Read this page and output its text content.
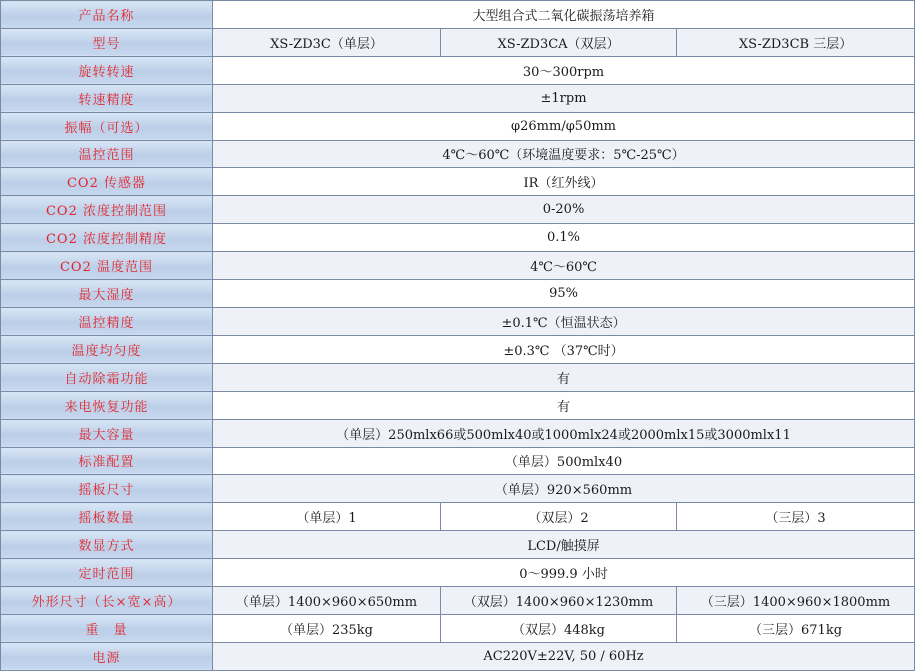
产品名称	大型组合式二氧化碳振荡培养箱		
型号	XS-ZD3C（单层）	XS-ZD3CA（双层）	XS-ZD3CB 三层）
旋转转速	30～300rpm		
转速精度	±1rpm		
振幅（可选）	φ26mm/φ50mm		
温控范围	4℃～60℃（环境温度要求：5℃-25℃）		
CO2 传感器	IR（红外线）		
CO2 浓度控制范围	0-20%		
CO2 浓度控制精度	0.1%		
CO2 温度范围	4℃～60℃		
最大湿度	95%		
温控精度	±0.1℃（恒温状态）		
温度均匀度	±0.3℃ （37℃时）		
自动除霜功能	有		
来电恢复功能	有		
最大容量	（单层）250mlx66或500mlx40或1000mlx24或2000mlx15或3000mlx11		
标准配置	（单层）500mlx40		
摇板尺寸	（单层）920×560mm		
摇板数量	（单层）1	（双层）2	（三层）3
数显方式	LCD/触摸屏		
定时范围	0～999.9 小时		
外形尺寸（长×宽×高）	（单层）1400×960×650mm	（双层）1400×960×1230mm	（三层）1400×960×1800mm
重　量	（单层）235kg	（双层）448kg	（三层）671kg
电源	AC220V±22V, 50 / 60Hz		
